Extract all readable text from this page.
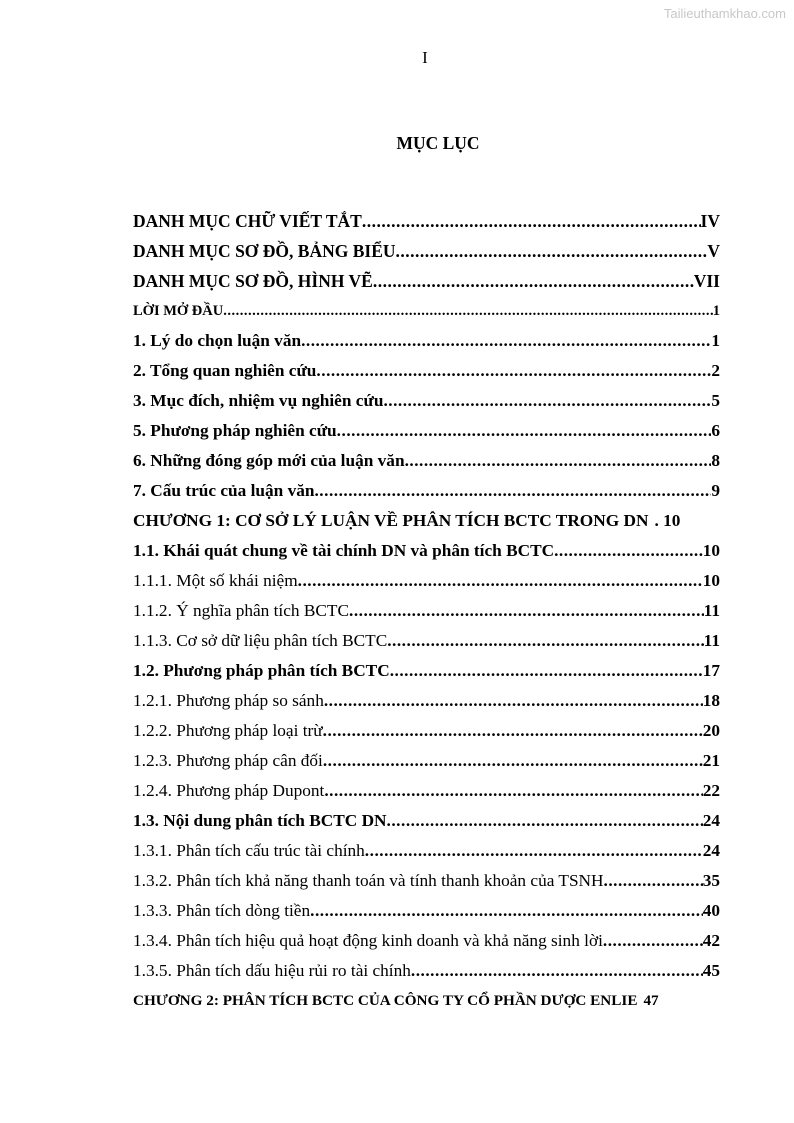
Tailieuthamkhao.com
I
MỤC LỤC
DANH MỤC CHỮ VIẾT TẮT .....	IV
DANH MỤC SƠ ĐỒ, BẢNG BIỂU .....	V
DANH MỤC SƠ ĐỒ, HÌNH VẼ .....	VII
LỜI MỞ ĐẦU .....	1
1. Lý do chọn luận văn .....	1
2. Tổng quan nghiên cứu .....	2
3. Mục đích, nhiệm vụ nghiên cứu .....	5
5. Phương pháp nghiên cứu .....	6
6. Những đóng góp mới của luận văn .....	8
7. Cấu trúc của luận văn .....	9
CHƯƠNG 1: CƠ SỞ LÝ LUẬN VỀ PHÂN TÍCH BCTC TRONG DN . 10
1.1. Khái quát chung về tài chính DN và phân tích BCTC .....	10
1.1.1. Một số khái niệm .....	10
1.1.2. Ý nghĩa phân tích BCTC .....	11
1.1.3. Cơ sở dữ liệu phân tích BCTC .....	11
1.2. Phương pháp phân tích BCTC .....	17
1.2.1. Phương pháp so sánh .....	18
1.2.2. Phương pháp loại trừ .....	20
1.2.3. Phương pháp cân đối .....	21
1.2.4. Phương pháp Dupont .....	22
1.3. Nội dung phân tích BCTC DN .....	24
1.3.1. Phân tích cấu trúc tài chính .....	24
1.3.2. Phân tích khả năng thanh toán và tính thanh khoản của TSNH .....	35
1.3.3. Phân tích dòng tiền .....	40
1.3.4. Phân tích hiệu quả hoạt động kinh doanh và khả năng sinh lời .....	42
1.3.5. Phân tích dấu hiệu rủi ro tài chính .....	45
CHƯƠNG 2: PHÂN TÍCH BCTC CỦA CÔNG TY CỔ PHẦN DƯỢC ENLIE 47
